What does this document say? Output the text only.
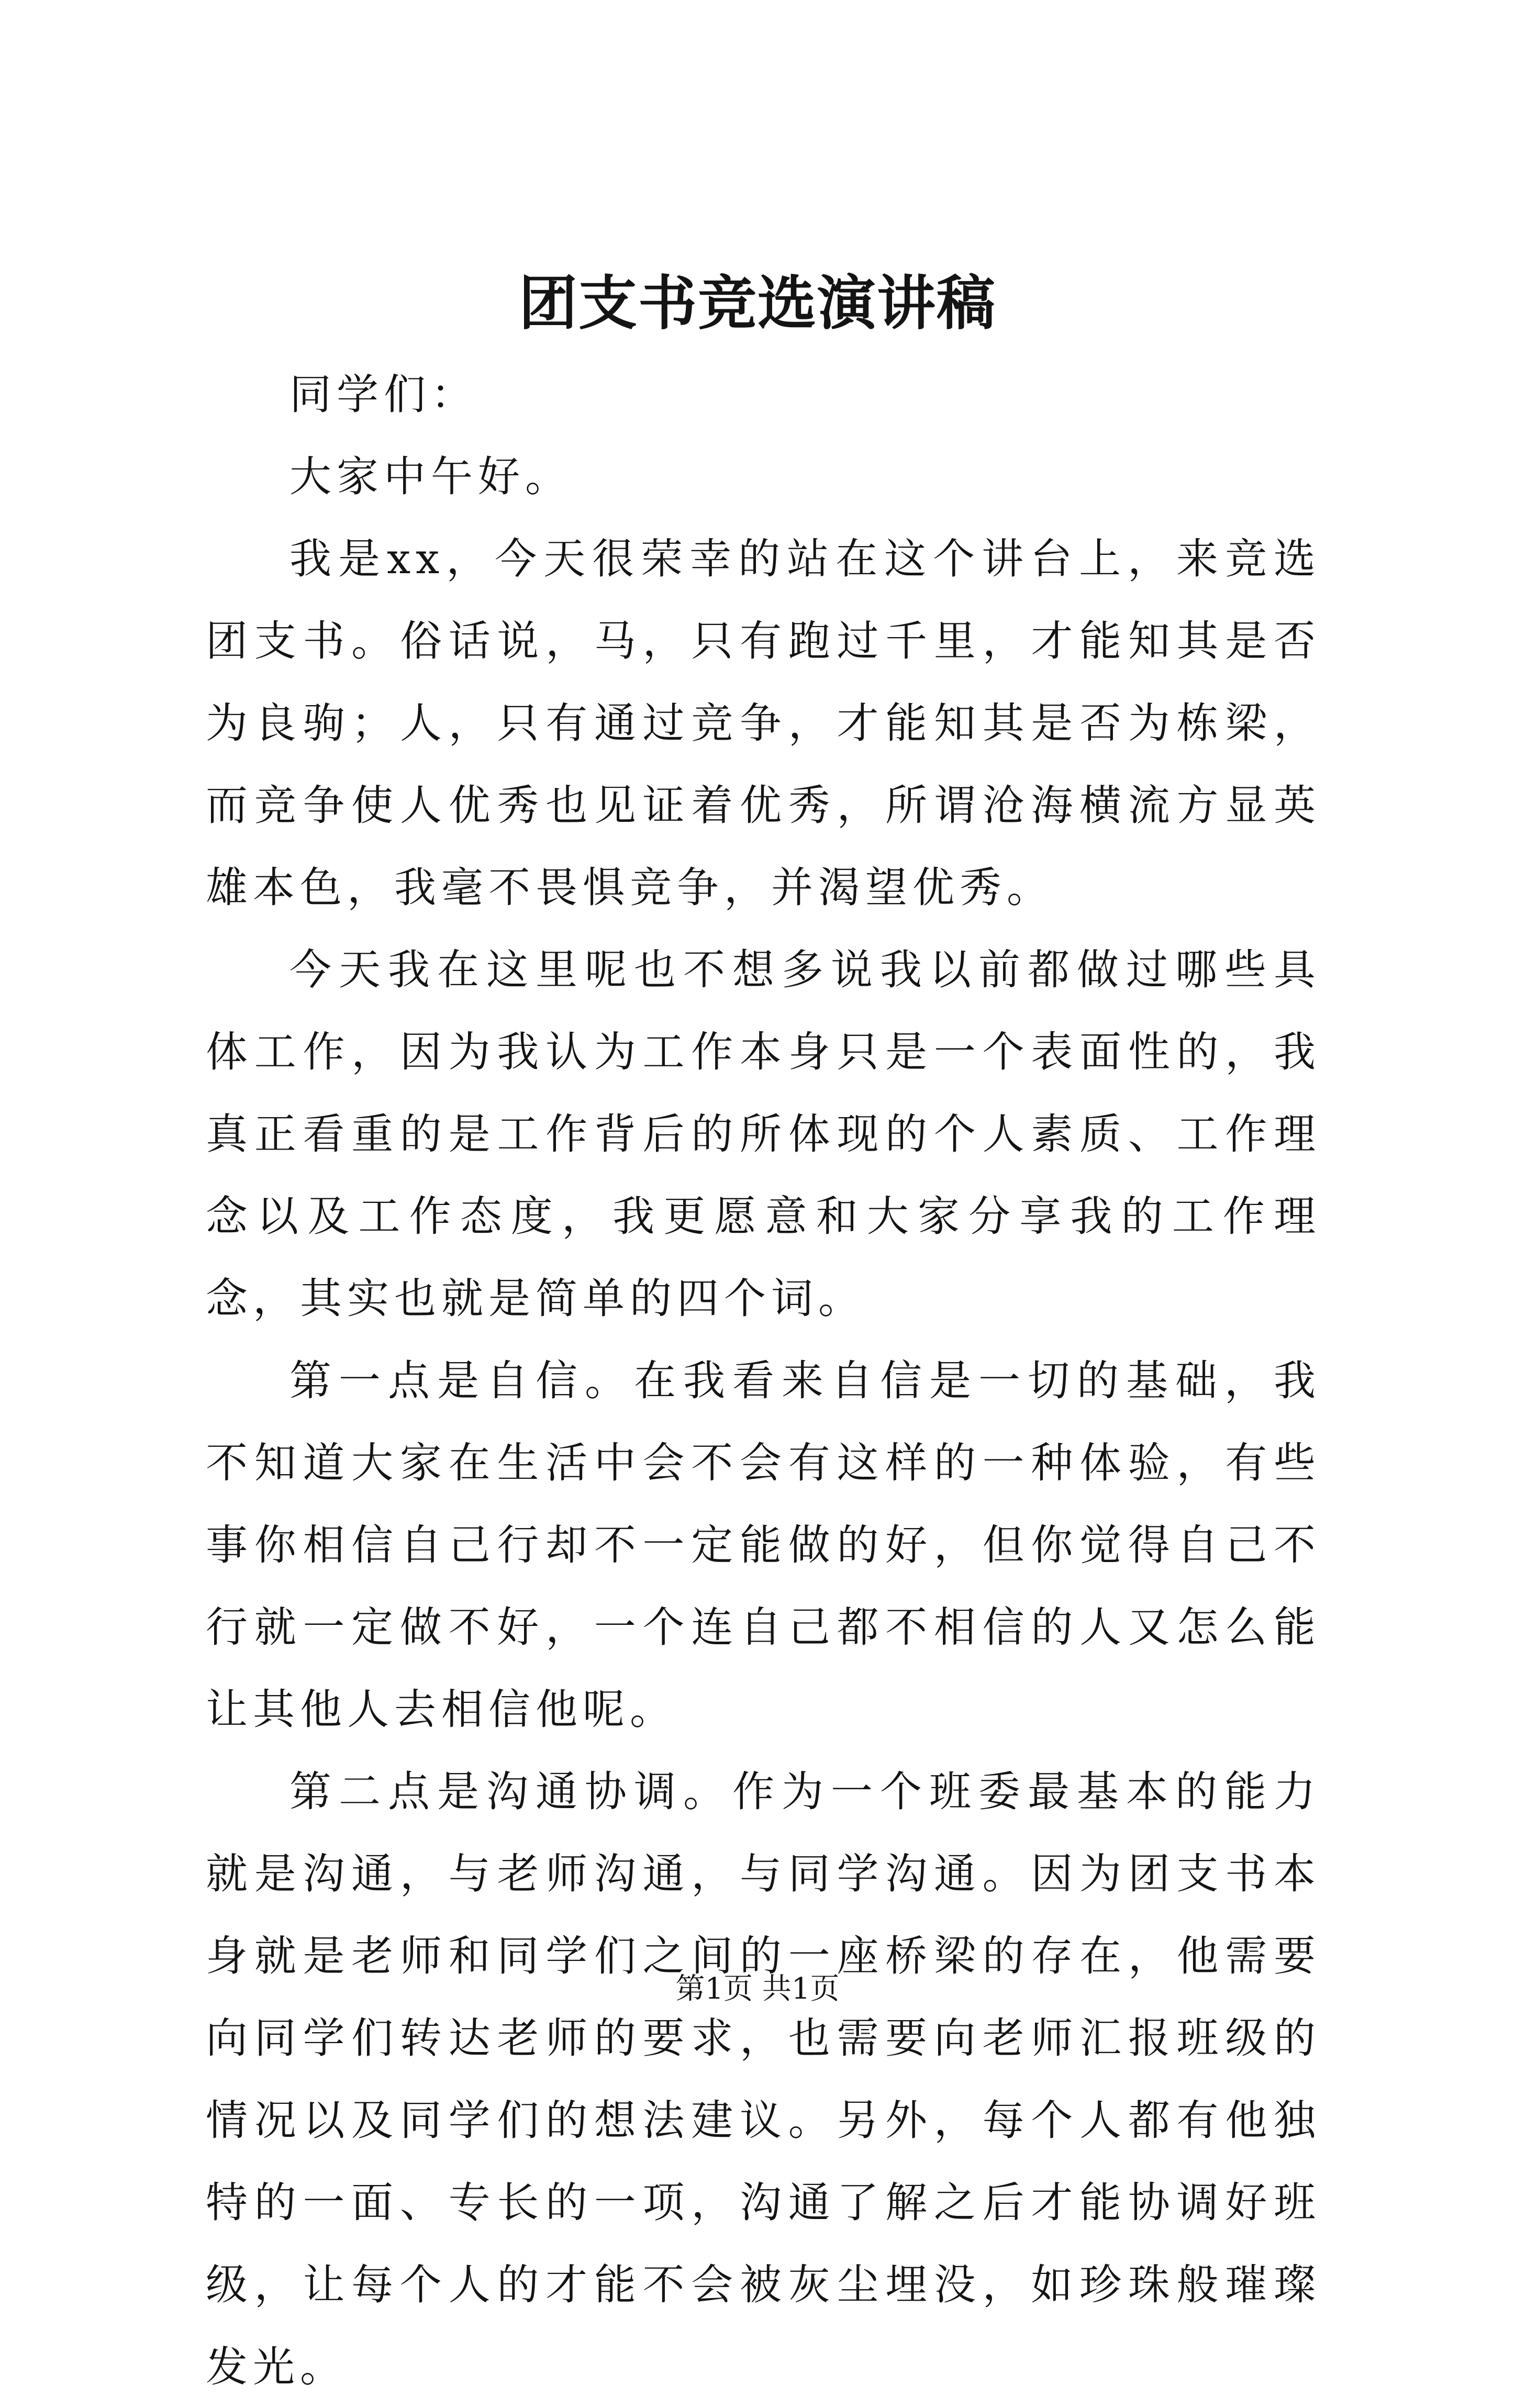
团支书竞选演讲稿

同学们：

大家中午好。

我是xx，今天很荣幸的站在这个讲台上，来竞选团支书。俗话说，马，只有跑过千里，才能知其是否为良驹；人，只有通过竞争，才能知其是否为栋梁，而竞争使人优秀也见证着优秀，所谓沧海横流方显英雄本色，我毫不畏惧竞争，并渴望优秀。

今天我在这里呢也不想多说我以前都做过哪些具体工作，因为我认为工作本身只是一个表面性的，我真正看重的是工作背后的所体现的个人素质、工作理念以及工作态度，我更愿意和大家分享我的工作理念，其实也就是简单的四个词。

第一点是自信。在我看来自信是一切的基础，我不知道大家在生活中会不会有这样的一种体验，有些事你相信自己行却不一定能做的好，但你觉得自己不行就一定做不好，一个连自己都不相信的人又怎么能让其他人去相信他呢。

第二点是沟通协调。作为一个班委最基本的能力就是沟通，与老师沟通，与同学沟通。因为团支书本身就是老师和同学们之间的一座桥梁的存在，他需要向同学们转达老师的要求，也需要向老师汇报班级的情况以及同学们的想法建议。另外，每个人都有他独特的一面、专长的一项，沟通了解之后才能协调好班级，让每个人的才能不会被灰尘埋没，如珍珠般璀璨发光。

第1页 共1页
